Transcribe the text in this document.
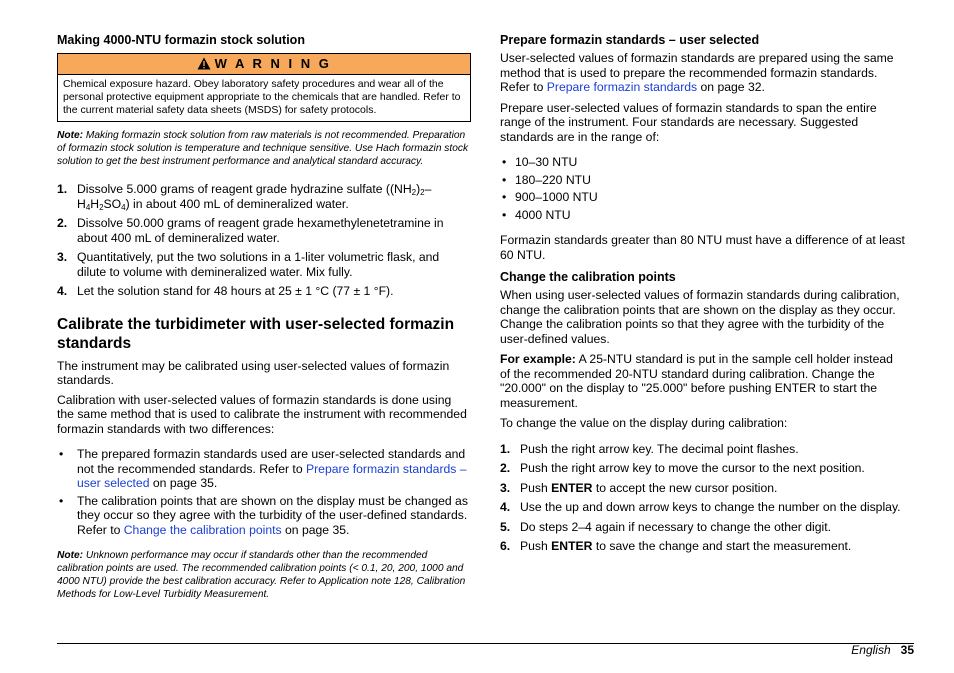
Making 4000-NTU formazin stock solution
W A R N I N G
Chemical exposure hazard. Obey laboratory safety procedures and wear all of the personal protective equipment appropriate to the chemicals that are handled. Refer to the current material safety data sheets (MSDS) for safety protocols.
Note: Making formazin stock solution from raw materials is not recommended. Preparation of formazin stock solution is temperature and technique sensitive. Use Hach formazin stock solution to get the best instrument performance and analytical standard accuracy.
1. Dissolve 5.000 grams of reagent grade hydrazine sulfate $((NH_2)_2-H_4H_2SO_4)$ in about 400 mL of demineralized water.
2. Dissolve 50.000 grams of reagent grade hexamethylenetetramine in about 400 mL of demineralized water.
3. Quantitatively, put the two solutions in a 1-liter volumetric flask, and dilute to volume with demineralized water. Mix fully.
4. Let the solution stand for 48 hours at 25 ± 1 °C (77 ± 1 °F).
Calibrate the turbidimeter with user-selected formazin standards
The instrument may be calibrated using user-selected values of formazin standards.
Calibration with user-selected values of formazin standards is done using the same method that is used to calibrate the instrument with recommended formazin standards with two differences:
• The prepared formazin standards used are user-selected standards and not the recommended standards. Refer to Prepare formazin standards – user selected on page 35.
• The calibration points that are shown on the display must be changed as they occur so they agree with the turbidity of the user-defined standards. Refer to Change the calibration points on page 35.
Note: Unknown performance may occur if standards other than the recommended calibration points are used. The recommended calibration points (< 0.1, 20, 200, 1000 and 4000 NTU) provide the best calibration accuracy. Refer to Application note 128, Calibration Methods for Low-Level Turbidity Measurement.
Prepare formazin standards – user selected
User-selected values of formazin standards are prepared using the same method that is used to prepare the recommended formazin standards. Refer to Prepare formazin standards on page 32.
Prepare user-selected values of formazin standards to span the entire range of the instrument. Four standards are necessary. Suggested standards are in the range of:
• 10–30 NTU
• 180–220 NTU
• 900–1000 NTU
• 4000 NTU
Formazin standards greater than 80 NTU must have a difference of at least 60 NTU.
Change the calibration points
When using user-selected values of formazin standards during calibration, change the calibration points that are shown on the display as they occur. Change the calibration points so that they agree with the turbidity of the user-defined values.
For example: A 25-NTU standard is put in the sample cell holder instead of the recommended 20-NTU standard during calibration. Change the "20.000" on the display to "25.000" before pushing ENTER to start the measurement.
To change the value on the display during calibration:
1. Push the right arrow key. The decimal point flashes.
2. Push the right arrow key to move the cursor to the next position.
3. Push ENTER to accept the new cursor position.
4. Use the up and down arrow keys to change the number on the display.
5. Do steps 2–4 again if necessary to change the other digit.
6. Push ENTER to save the change and start the measurement.
English 35
